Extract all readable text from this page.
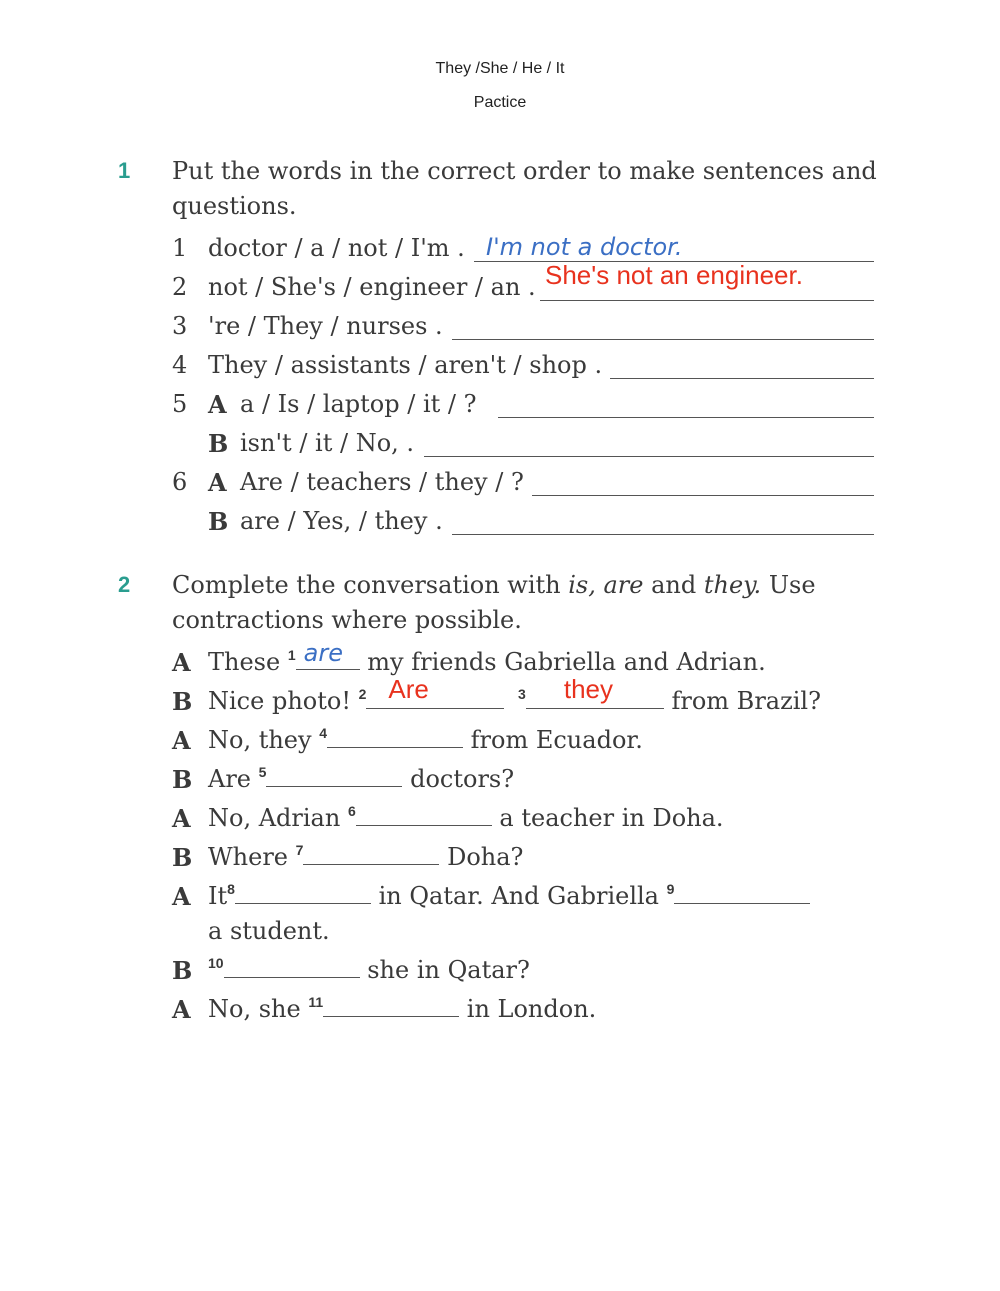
They /She / He / It
Pactice
1 Put the words in the correct order to make sentences and
questions.
1 doctor / a / not / I'm . I'm not a doctor.
2 not / She's / engineer / an . She's not an engineer.
3 're / They / nurses .
4 They / assistants / aren't / shop .
5 A a / Is / laptop / it / ?
B isn't / it / No, .
6 A Are / teachers / they / ?
B are / Yes, / they .
2 Complete the conversation with is, are and they. Use
contractions where possible.
A These $^1$ are my friends Gabriella and Adrian.
B Nice photo! $^2$ Are	$^3$ they from Brazil?
A No, they $^4$	from Ecuador.
B Are $^5$	doctors?
A No, Adrian $^6$	a teacher in Doha.
B Where $^7$	Doha?
A It$^8$	in Qatar. And Gabriella $^9$
a student.
B $^{10}$	she in Qatar?
A No, she $^{11}$	in London.
